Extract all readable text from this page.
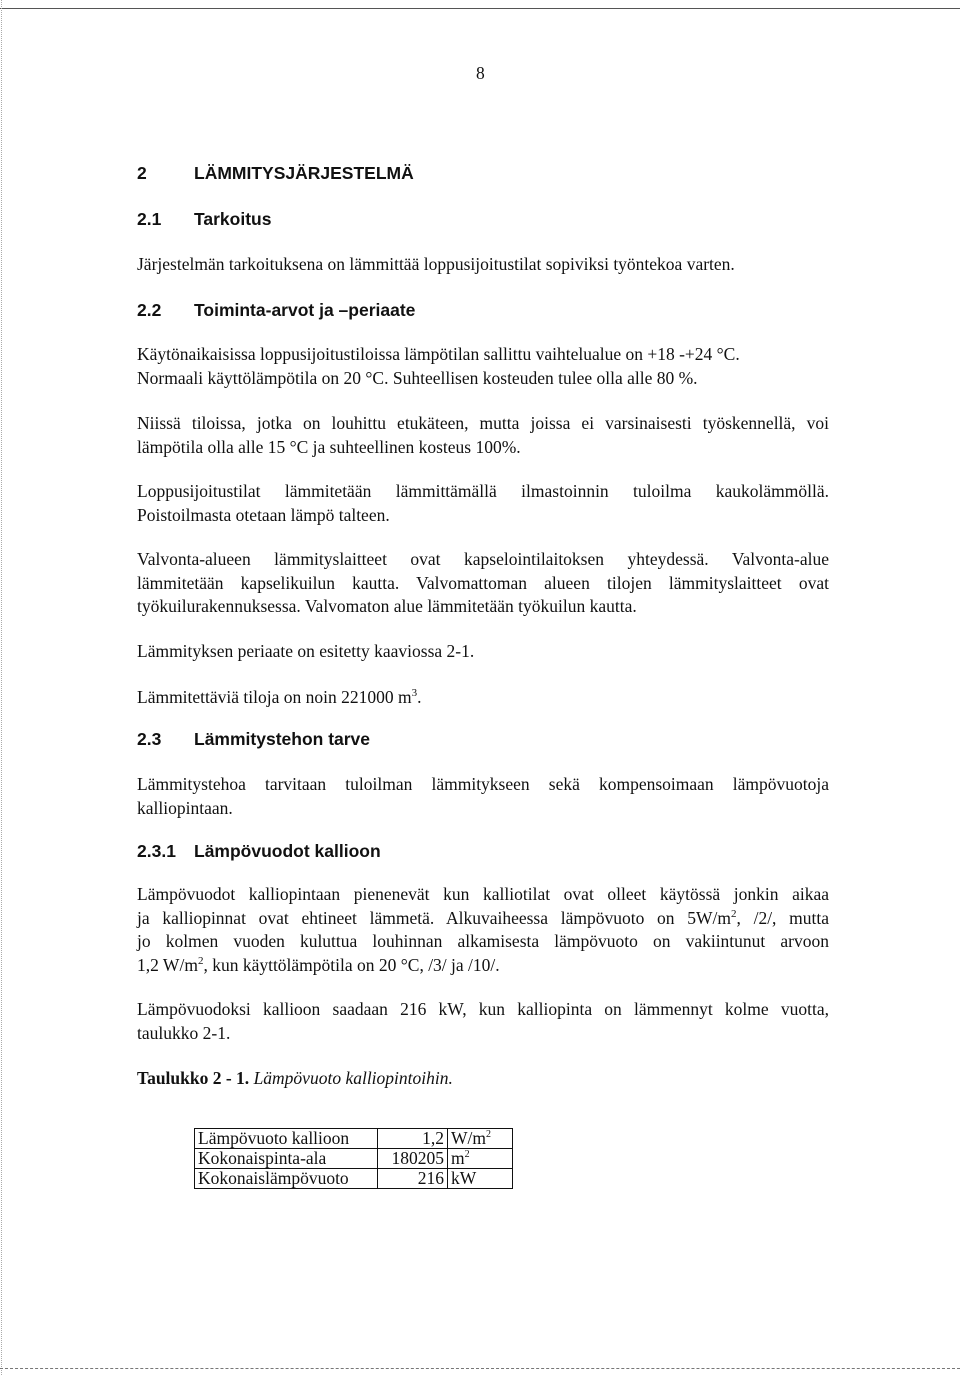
8
2	LÄMMITYSJÄRJESTELMÄ
2.1 Tarkoitus
Järjestelmän tarkoituksena on lämmittää loppusijoitustilat sopiviksi työntekoa varten.
2.2 Toiminta-arvot ja –periaate
Käytönaikaisissa loppusijoitustiloissa lämpötilan sallittu vaihtelualue on +18 -+24 °C.
Normaali käyttölämpötila on 20 °C. Suhteellisen kosteuden tulee olla alle 80 %.
Niissä tiloissa, jotka on louhittu etukäteen, mutta joissa ei varsinaisesti työskennellä, voi
lämpötila olla alle 15 °C ja suhteellinen kosteus 100%.
Loppusijoitustilat lämmitetään lämmittämällä ilmastoinnin tuloilma kaukolämmöllä.
Poistoilmasta otetaan lämpö talteen.
Valvonta-alueen lämmityslaitteet ovat kapselointilaitoksen yhteydessä. Valvonta-alue
lämmitetään kapselikuilun kautta. Valvomattoman alueen tilojen lämmityslaitteet ovat
työkuilurakennuksessa. Valvomaton alue lämmitetään työkuilun kautta.
Lämmityksen periaate on esitetty kaaviossa 2-1.
Lämmitettäviä tiloja on noin 221000 $m^3$.
2.3 Lämmitystehon tarve
Lämmitystehoa tarvitaan tuloilman lämmitykseen sekä kompensoimaan lämpövuotoja
kalliopintaan.
2.3.1 Lämpövuodot kallioon
Lämpövuodot kalliopintaan pienenevät kun kalliotilat ovat olleet käytössä jonkin aikaa
ja kalliopinnat ovat ehtineet lämmetä. Alkuvaiheessa lämpövuoto on $5W/m^2$, /2/, mutta
jo kolmen vuoden kuluttua louhinnan alkamisesta lämpövuoto on vakiintunut arvoon
1,2 $W/m^2$, kun käyttölämpötila on 20 °C, /3/ ja /10/.
Lämpövuodoksi kallioon saadaan 216 kW, kun kalliopinta on lämmennyt kolme vuotta,
taulukko 2-1.
Taulukko 2 - 1. Lämpövuoto kalliopintoihin.
Lämpövuoto kallioon	1,2	$W/m^2$
Kokonaispinta-ala	180205	$m^2$
Kokonaislämpövuoto	216	kW
